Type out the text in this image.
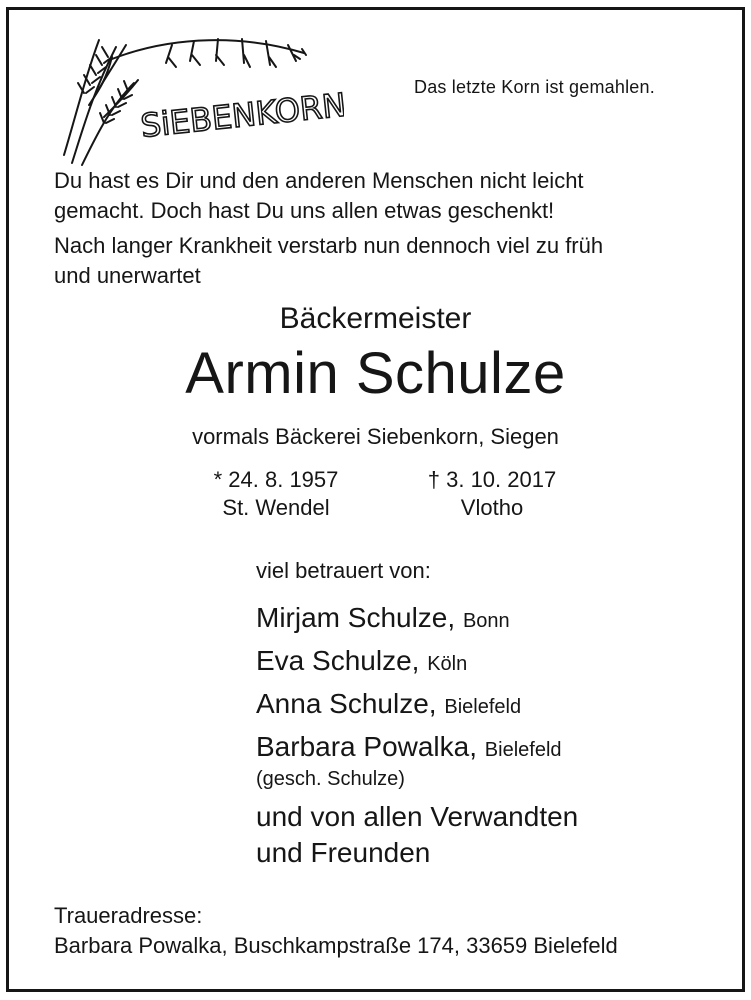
SiEBENKORN	Das letzte Korn ist gemahlen.

Du hast es Dir und den anderen Menschen nicht leicht
gemacht. Doch hast Du uns allen etwas geschenkt!

Nach langer Krankheit verstarb nun dennoch viel zu früh
und unerwartet

Bäckermeister
Armin Schulze
vormals Bäckerei Siebenkorn, Siegen
* 24. 8. 1957
St. Wendel
† 3. 10. 2017
Vlotho
viel betrauert von:
Mirjam Schulze, Bonn
Eva Schulze, Köln
Anna Schulze, Bielefeld
Barbara Powalka, Bielefeld
(gesch. Schulze)
und von allen Verwandten
und Freunden
Traueradresse:
Barbara Powalka, Buschkampstraße 174, 33659 Bielefeld
